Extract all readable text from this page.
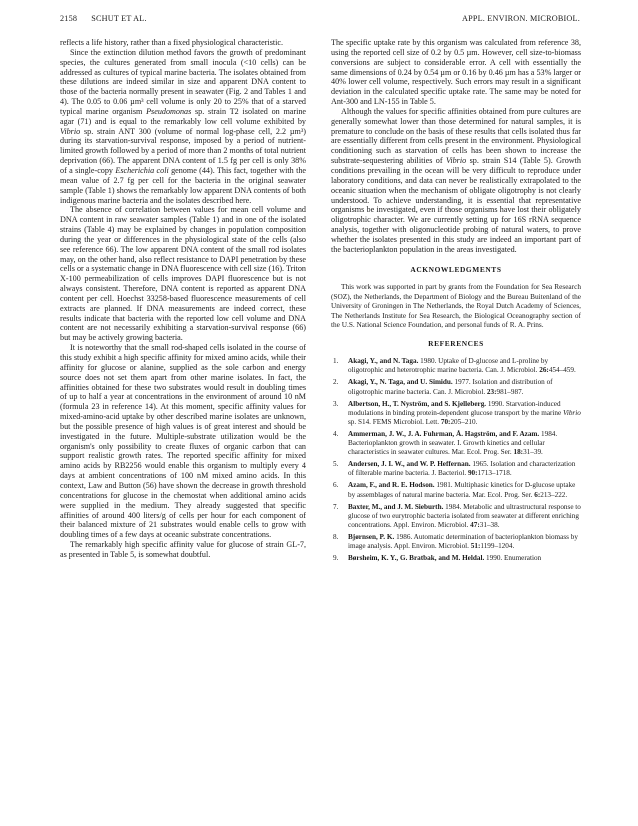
2158 SCHUT ET AL.	APPL. ENVIRON. MICROBIOL.

reflects a life history, rather than a fixed physiological characteristic.

Since the extinction dilution method favors the growth of predominant species, the cultures generated from small inocula (<10 cells) can be addressed as cultures of typical marine bacteria. The isolates obtained from these dilutions are indeed similar in size and apparent DNA content to those of the bacteria normally present in seawater (Fig. 2 and Tables 1 and 4). The 0.05 to 0.06 µm³ cell volume is only 20 to 25% that of a starved typical marine organism Pseudomonas sp. strain T2 isolated on marine agar (71) and is equal to the remarkably low cell volume exhibited by Vibrio sp. strain ANT 300 (volume of normal log-phase cell, 2.2 µm³) during its starvation-survival response, imposed by a period of nutrient-limited growth followed by a period of more than 2 months of total nutrient deprivation (66). The apparent DNA content of 1.5 fg per cell is only 38% of a single-copy Escherichia coli genome (44). This fact, together with the mean value of 2.7 fg per cell for the bacteria in the original seawater sample (Table 1) shows the remarkably low apparent DNA contents of both indigenous marine bacteria and the isolates described here.

The absence of correlation between values for mean cell volume and DNA content in raw seawater samples (Table 1) and in one of the isolated strains (Table 4) may be explained by changes in population composition during the year or differences in the physiological state of the cells (also see reference 66). The low apparent DNA content of the small rod isolates may, on the other hand, also reflect resistance to DAPI penetration by these cells or a systematic change in DNA fluorescence with cell size (16). Triton X-100 permeabilization of cells improves DAPI fluorescence but is not always consistent. Therefore, DNA content is reported as apparent DNA content per cell. Hoechst 33258-based fluorescence measurements of cell extracts are planned. If DNA measurements are indeed correct, these results indicate that bacteria with the reported low cell volume and DNA content are not necessarily exhibiting a starvation-survival response (66) but may be actively growing bacteria.

It is noteworthy that the small rod-shaped cells isolated in the course of this study exhibit a high specific affinity for mixed amino acids, while their affinity for glucose or alanine, supplied as the sole carbon and energy source does not set them apart from other marine isolates. In fact, the affinities obtained for these two substrates would result in doubling times of up to half a year at concentrations in the environment of around 10 nM (formula 23 in reference 14). At this moment, specific affinity values for mixed-amino-acid uptake by other described marine isolates are unknown, but the possible presence of high values is of great interest and should be investigated in the future. Multiple-substrate utilization would be the organism's only possibility to create fluxes of organic carbon that can support realistic growth rates. The reported specific affinity for mixed amino acids by RB2256 would enable this organism to multiply every 4 days at ambient concentrations of 100 nM mixed amino acids. In this context, Law and Button (56) have shown the decrease in growth threshold concentrations for glucose in the chemostat when additional amino acids were supplied in the medium. They already suggested that specific affinities of around 400 liters/g of cells per hour for each component of their balanced mixture of 21 substrates would enable cells to grow with doubling times of a few days at oceanic substrate concentrations.

The remarkably high specific affinity value for glucose of strain GL-7, as presented in Table 5, is somewhat doubtful.

The specific uptake rate by this organism was calculated from reference 38, using the reported cell size of 0.2 by 0.5 µm. However, cell size-to-biomass conversions are subject to considerable error. A cell with essentially the same dimensions of 0.24 by 0.54 µm or 0.16 by 0.46 µm has a 53% larger or 40% lower cell volume, respectively. Such errors may result in a significant deviation in the calculated specific uptake rate. The same may be noted for Ant-300 and LN-155 in Table 5.

Although the values for specific affinities obtained from pure cultures are generally somewhat lower than those determined for natural samples, it is premature to conclude on the basis of these results that cells isolated thus far are essentially different from cells present in the environment. Physiological conditioning such as starvation of cells has been shown to increase the substrate-sequestering abilities of Vibrio sp. strain S14 (Table 5). Growth conditions prevailing in the ocean will be very difficult to reproduce under laboratory conditions, and data can never be realistically extrapolated to the oceanic situation when the mechanism of obligate oligotrophy is not clearly understood. To achieve understanding, it is essential that representative organisms be investigated, even if those organisms have lost their obligately oligotrophic character. We are currently setting up for 16S rRNA sequence analysis, together with oligonucleotide probing of natural waters, to prove whether the isolates presented in this study are indeed an important part of the bacterioplankton population in the areas investigated.

ACKNOWLEDGMENTS

This work was supported in part by grants from the Foundation for Sea Research (SOZ), the Netherlands, the Department of Biology and the Bureau Buitenland of the University of Groningen in The Netherlands, the Royal Dutch Academy of Sciences, The Netherlands Institute for Sea Research, the Biological Oceanography section of the U.S. National Science Foundation, and personal funds of R. A. Prins.

REFERENCES
1. Akagi, Y., and N. Taga. 1980. Uptake of D-glucose and L-proline by oligotrophic and heterotrophic marine bacteria. Can. J. Microbiol. 26:454–459.
2. Akagi, Y., N. Taga, and U. Simidu. 1977. Isolation and distribution of oligotrophic marine bacteria. Can. J. Microbiol. 23:981–987.
3. Albertson, H., T. Nyström, and S. Kjelleberg. 1990. Starvation-induced modulations in binding protein-dependent glucose transport by the marine Vibrio sp. S14. FEMS Microbiol. Lett. 70:205–210.
4. Ammerman, J. W., J. A. Fuhrman, Å. Hagström, and F. Azam. 1984. Bacterioplankton growth in seawater. I. Growth kinetics and cellular characteristics in seawater cultures. Mar. Ecol. Prog. Ser. 18:31–39.
5. Andersen, J. I. W., and W. P. Heffernan. 1965. Isolation and characterization of filterable marine bacteria. J. Bacteriol. 90:1713–1718.
6. Azam, F., and R. E. Hodson. 1981. Multiphasic kinetics for D-glucose uptake by assemblages of natural marine bacteria. Mar. Ecol. Prog. Ser. 6:213–222.
7. Baxter, M., and J. M. Sieburth. 1984. Metabolic and ultrastructural response to glucose of two eurytrophic bacteria isolated from seawater at different enriching concentrations. Appl. Environ. Microbiol. 47:31–38.
8. Bjørnsen, P. K. 1986. Automatic determination of bacterioplankton biomass by image analysis. Appl. Environ. Microbiol. 51:1199–1204.
9. Børsheim, K. Y., G. Bratbak, and M. Heldal. 1990. Enumeration
